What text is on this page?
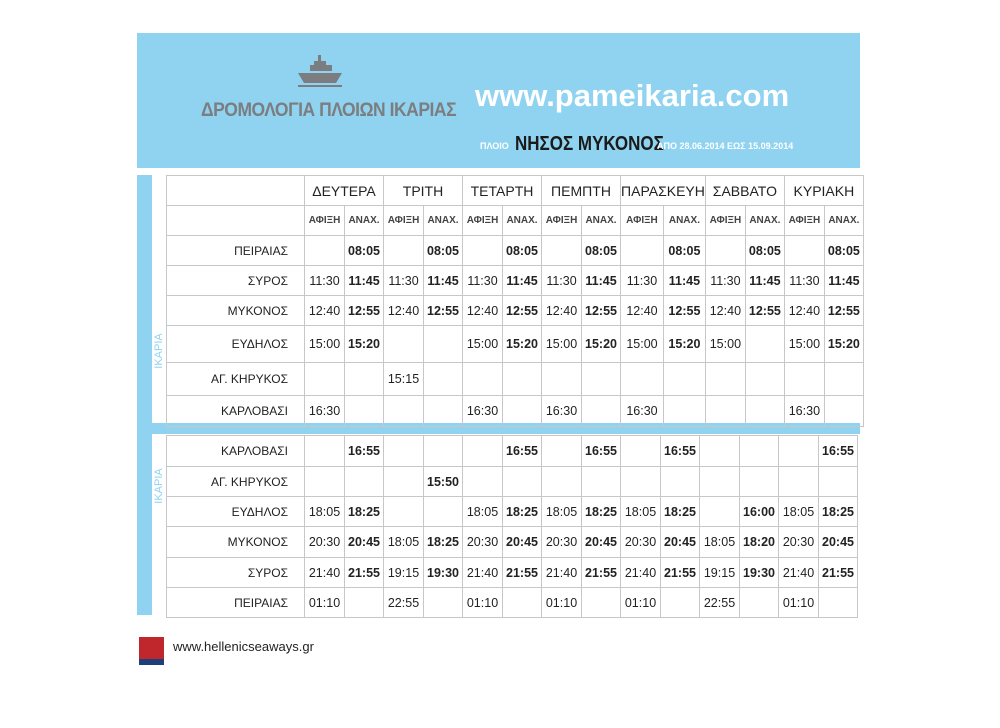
ΔΡΟΜΟΛΟΓΙΑ ΠΛΟΙΩΝ ΙΚΑΡΙΑΣ www.pameikaria.com
ΠΛΟΙΟ ΝΗΣΟΣ ΜΥΚΟΝΟΣ
ΑΠΟ 28.06.2014 ΕΩΣ 15.09.2014
ΙΚΑΡΙΑ
ΙΚΑΡΙΑ
	ΔΕΥΤΕΡΑ		ΤΡΙΤΗ		ΤΕΤΑΡΤΗ		ΠΕΜΠΤΗ		ΠΑΡΑΣΚΕΥΗ		ΣΑΒΒΑΤΟ		ΚΥΡΙΑΚΗ	
	ΑΦΙΞΗ	ΑΝΑΧ.	ΑΦΙΞΗ	ΑΝΑΧ.	ΑΦΙΞΗ	ΑΝΑΧ.	ΑΦΙΞΗ	ΑΝΑΧ.	ΑΦΙΞΗ	ΑΝΑΧ.	ΑΦΙΞΗ	ΑΝΑΧ.	ΑΦΙΞΗ	ΑΝΑΧ.
ΠΕΙΡΑΙΑΣ		08:05		08:05		08:05		08:05		08:05		08:05		08:05
ΣΥΡΟΣ	11:30	11:45	11:30	11:45	11:30	11:45	11:30	11:45	11:30	11:45	11:30	11:45	11:30	11:45
ΜΥΚΟΝΟΣ	12:40	12:55	12:40	12:55	12:40	12:55	12:40	12:55	12:40	12:55	12:40	12:55	12:40	12:55
ΕΥΔΗΛΟΣ	15:00	15:20			15:00	15:20	15:00	15:20	15:00	15:20	15:00		15:00	15:20
ΑΓ. ΚΗΡΥΚΟΣ			15:15											
ΚΑΡΛΟΒΑΣΙ	16:30				16:30		16:30		16:30				16:30	
ΚΑΡΛΟΒΑΣΙ		16:55				16:55		16:55		16:55				16:55
ΑΓ. ΚΗΡΥΚΟΣ				15:50										
ΕΥΔΗΛΟΣ	18:05	18:25			18:05	18:25	18:05	18:25	18:05	18:25		16:00	18:05	18:25
ΜΥΚΟΝΟΣ	20:30	20:45	18:05	18:25	20:30	20:45	20:30	20:45	20:30	20:45	18:05	18:20	20:30	20:45
ΣΥΡΟΣ	21:40	21:55	19:15	19:30	21:40	21:55	21:40	21:55	21:40	21:55	19:15	19:30	21:40	21:55
ΠΕΙΡΑΙΑΣ	01:10		22:55		01:10		01:10		01:10		22:55		01:10	
www.hellenicseaways.gr
